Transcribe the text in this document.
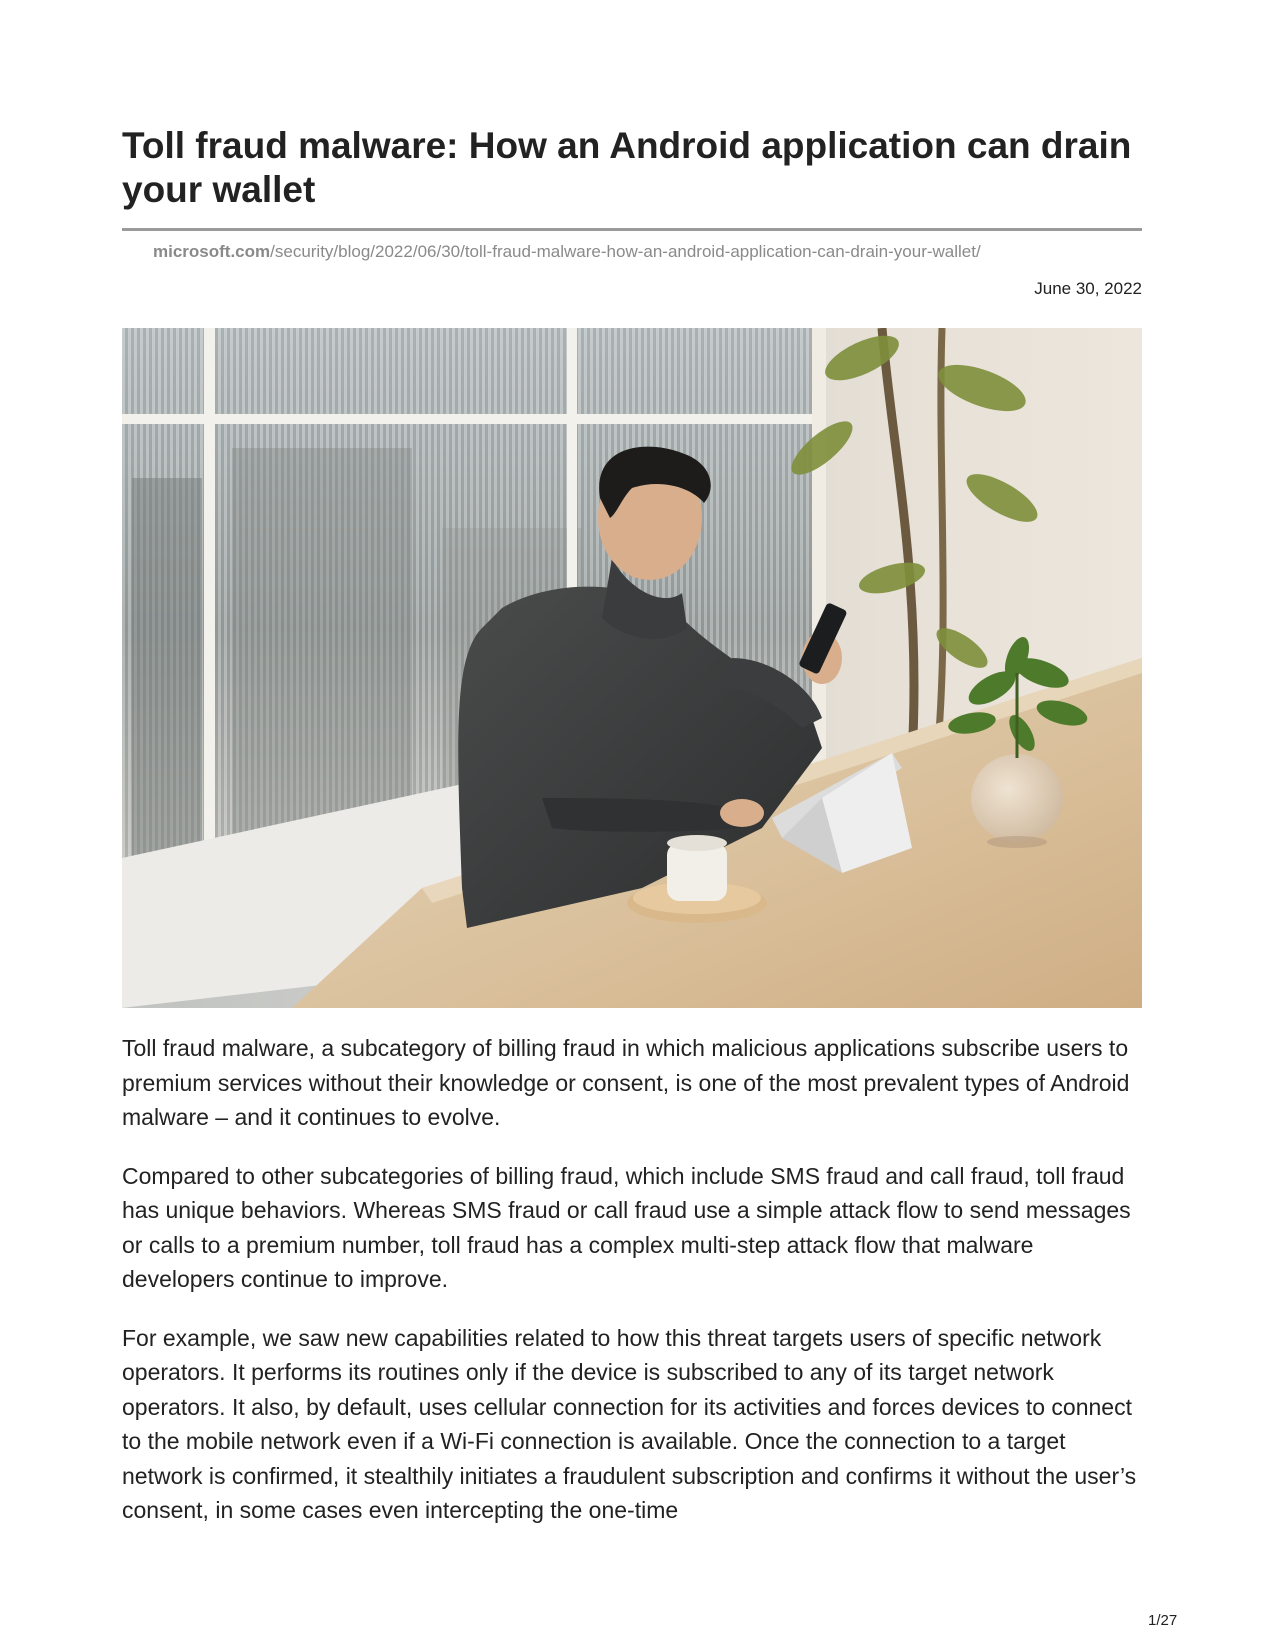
Toll fraud malware: How an Android application can drain your wallet
microsoft.com/security/blog/2022/06/30/toll-fraud-malware-how-an-android-application-can-drain-your-wallet/
June 30, 2022

Toll fraud malware, a subcategory of billing fraud in which malicious applications subscribe users to premium services without their knowledge or consent, is one of the most prevalent types of Android malware – and it continues to evolve.

Compared to other subcategories of billing fraud, which include SMS fraud and call fraud, toll fraud has unique behaviors. Whereas SMS fraud or call fraud use a simple attack flow to send messages or calls to a premium number, toll fraud has a complex multi-step attack flow that malware developers continue to improve.

For example, we saw new capabilities related to how this threat targets users of specific network operators. It performs its routines only if the device is subscribed to any of its target network operators. It also, by default, uses cellular connection for its activities and forces devices to connect to the mobile network even if a Wi-Fi connection is available. Once the connection to a target network is confirmed, it stealthily initiates a fraudulent subscription and confirms it without the user’s consent, in some cases even intercepting the one-time

1/27
